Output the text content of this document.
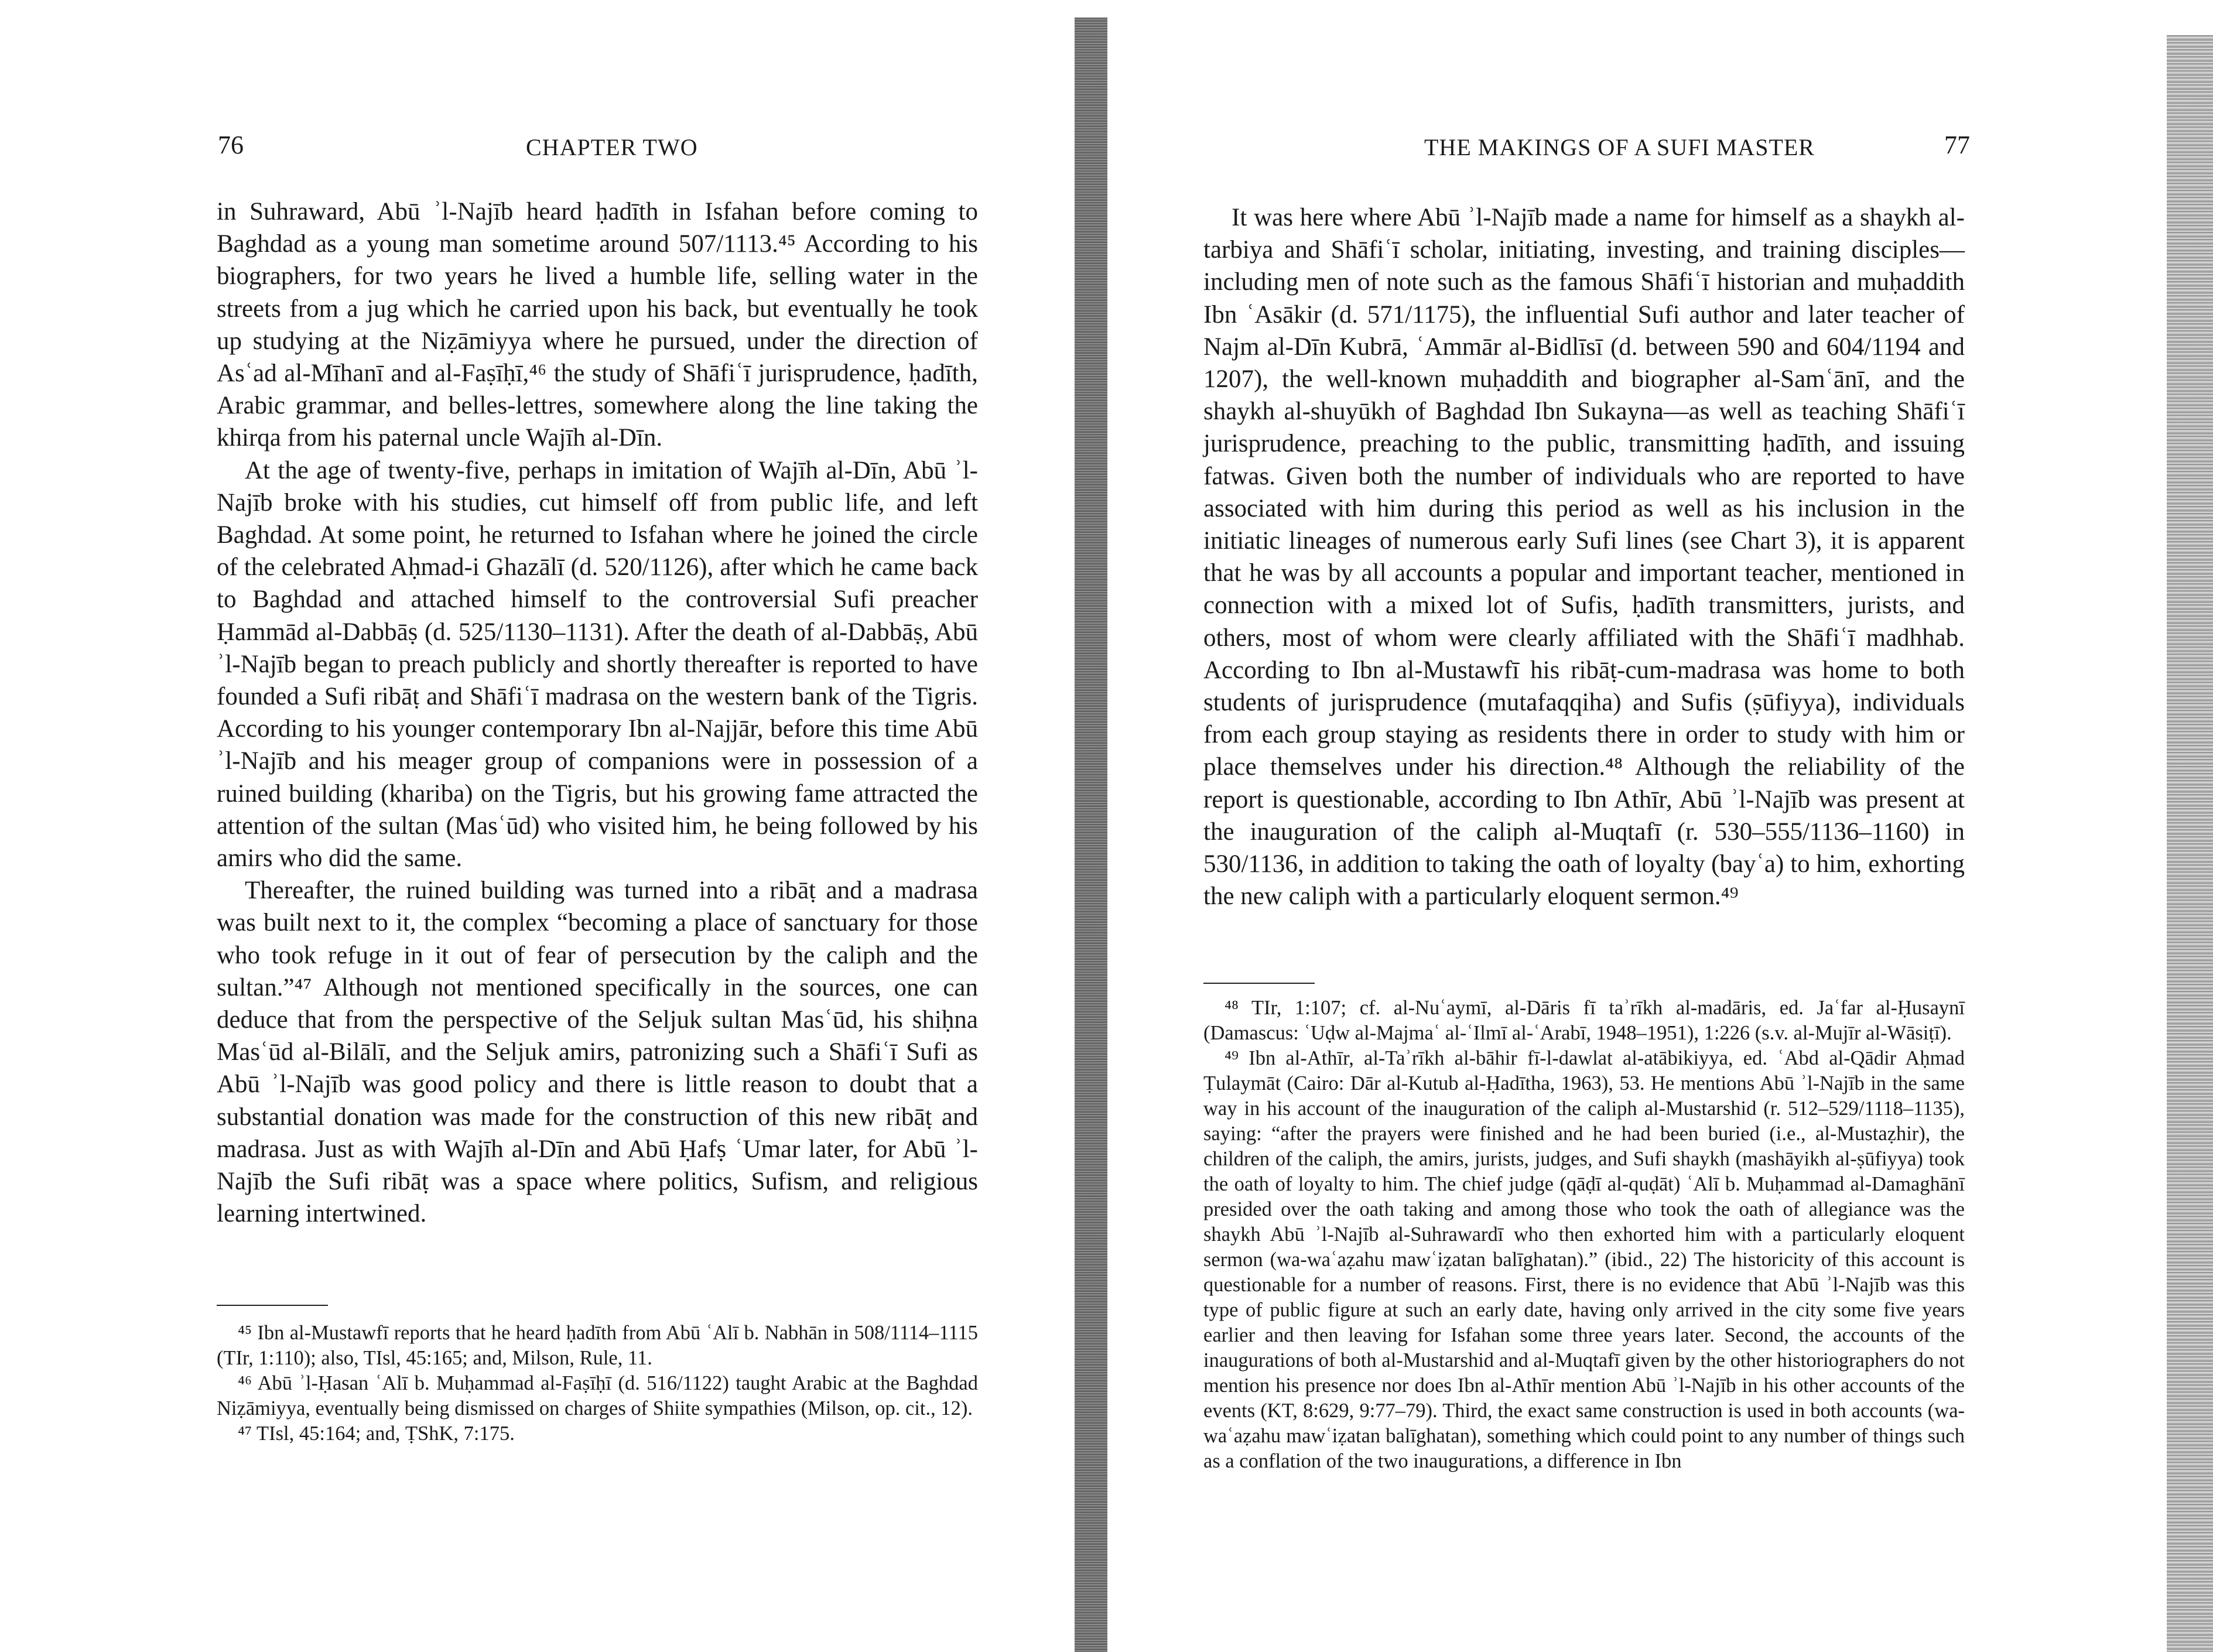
76	CHAPTER TWO

in Suhraward, Abū ʾl-Najīb heard ḥadīth in Isfahan before coming to Baghdad as a young man sometime around 507/1113.⁴⁵ According to his biographers, for two years he lived a humble life, selling water in the streets from a jug which he carried upon his back, but eventually he took up studying at the Niẓāmiyya where he pursued, under the direction of Asʿad al-Mīhanī and al-Faṣīḥī,⁴⁶ the study of Shāfiʿī jurisprudence, ḥadīth, Arabic grammar, and belles-lettres, somewhere along the line taking the khirqa from his paternal uncle Wajīh al-Dīn.

At the age of twenty-five, perhaps in imitation of Wajīh al-Dīn, Abū ʾl-Najīb broke with his studies, cut himself off from public life, and left Baghdad. At some point, he returned to Isfahan where he joined the circle of the celebrated Aḥmad-i Ghazālī (d. 520/1126), after which he came back to Baghdad and attached himself to the controversial Sufi preacher Ḥammād al-Dabbāṣ (d. 525/1130–1131). After the death of al-Dabbāṣ, Abū ʾl-Najīb began to preach publicly and shortly thereafter is reported to have founded a Sufi ribāṭ and Shāfiʿī madrasa on the western bank of the Tigris. According to his younger contemporary Ibn al-Najjār, before this time Abū ʾl-Najīb and his meager group of companions were in possession of a ruined building (khariba) on the Tigris, but his growing fame attracted the attention of the sultan (Masʿūd) who visited him, he being followed by his amirs who did the same.

Thereafter, the ruined building was turned into a ribāṭ and a madrasa was built next to it, the complex “becoming a place of sanctuary for those who took refuge in it out of fear of persecution by the caliph and the sultan.”⁴⁷ Although not mentioned specifically in the sources, one can deduce that from the perspective of the Seljuk sultan Masʿūd, his shiḥna Masʿūd al-Bilālī, and the Seljuk amirs, patronizing such a Shāfiʿī Sufi as Abū ʾl-Najīb was good policy and there is little reason to doubt that a substantial donation was made for the construction of this new ribāṭ and madrasa. Just as with Wajīh al-Dīn and Abū Ḥafṣ ʿUmar later, for Abū ʾl-Najīb the Sufi ribāṭ was a space where politics, Sufism, and religious learning intertwined.

⁴⁵ Ibn al-Mustawfī reports that he heard ḥadīth from Abū ʿAlī b. Nabhān in 508/1114–1115 (TIr, 1:110); also, TIsl, 45:165; and, Milson, Rule, 11.

⁴⁶ Abū ʾl-Ḥasan ʿAlī b. Muḥammad al-Faṣīḥī (d. 516/1122) taught Arabic at the Baghdad Niẓāmiyya, eventually being dismissed on charges of Shiite sympathies (Milson, op. cit., 12).

⁴⁷ TIsl, 45:164; and, ṬShK, 7:175.

THE MAKINGS OF A SUFI MASTER	77

It was here where Abū ʾl-Najīb made a name for himself as a shaykh al-tarbiya and Shāfiʿī scholar, initiating, investing, and training disciples—including men of note such as the famous Shāfiʿī historian and muḥaddith Ibn ʿAsākir (d. 571/1175), the influential Sufi author and later teacher of Najm al-Dīn Kubrā, ʿAmmār al-Bidlīsī (d. between 590 and 604/1194 and 1207), the well-known muḥaddith and biographer al-Samʿānī, and the shaykh al-shuyūkh of Baghdad Ibn Sukayna—as well as teaching Shāfiʿī jurisprudence, preaching to the public, transmitting ḥadīth, and issuing fatwas. Given both the number of individuals who are reported to have associated with him during this period as well as his inclusion in the initiatic lineages of numerous early Sufi lines (see Chart 3), it is apparent that he was by all accounts a popular and important teacher, mentioned in connection with a mixed lot of Sufis, ḥadīth transmitters, jurists, and others, most of whom were clearly affiliated with the Shāfiʿī madhhab. According to Ibn al-Mustawfī his ribāṭ-cum-madrasa was home to both students of jurisprudence (mutafaqqiha) and Sufis (ṣūfiyya), individuals from each group staying as residents there in order to study with him or place themselves under his direction.⁴⁸ Although the reliability of the report is questionable, according to Ibn Athīr, Abū ʾl-Najīb was present at the inauguration of the caliph al-Muqtafī (r. 530–555/1136–1160) in 530/1136, in addition to taking the oath of loyalty (bayʿa) to him, exhorting the new caliph with a particularly eloquent sermon.⁴⁹

⁴⁸ TIr, 1:107; cf. al-Nuʿaymī, al-Dāris fī taʾrīkh al-madāris, ed. Jaʿfar al-Ḥusaynī (Damascus: ʿUḍw al-Majmaʿ al-ʿIlmī al-ʿArabī, 1948–1951), 1:226 (s.v. al-Mujīr al-Wāsiṭī).

⁴⁹ Ibn al-Athīr, al-Taʾrīkh al-bāhir fī-l-dawlat al-atābikiyya, ed. ʿAbd al-Qādir Aḥmad Ṭulaymāt (Cairo: Dār al-Kutub al-Ḥadītha, 1963), 53. He mentions Abū ʾl-Najīb in the same way in his account of the inauguration of the caliph al-Mustarshid (r. 512–529/1118–1135), saying: “after the prayers were finished and he had been buried (i.e., al-Mustaẓhir), the children of the caliph, the amirs, jurists, judges, and Sufi shaykh (mashāyikh al-ṣūfiyya) took the oath of loyalty to him. The chief judge (qāḍī al-quḍāt) ʿAlī b. Muḥammad al-Damaghānī presided over the oath taking and among those who took the oath of allegiance was the shaykh Abū ʾl-Najīb al-Suhrawardī who then exhorted him with a particularly eloquent sermon (wa-waʿaẓahu mawʿiẓatan balīghatan).” (ibid., 22) The historicity of this account is questionable for a number of reasons. First, there is no evidence that Abū ʾl-Najīb was this type of public figure at such an early date, having only arrived in the city some five years earlier and then leaving for Isfahan some three years later. Second, the accounts of the inaugurations of both al-Mustarshid and al-Muqtafī given by the other historiographers do not mention his presence nor does Ibn al-Athīr mention Abū ʾl-Najīb in his other accounts of the events (KT, 8:629, 9:77–79). Third, the exact same construction is used in both accounts (wa-waʿaẓahu mawʿiẓatan balīghatan), something which could point to any number of things such as a conflation of the two inaugurations, a difference in Ibn
